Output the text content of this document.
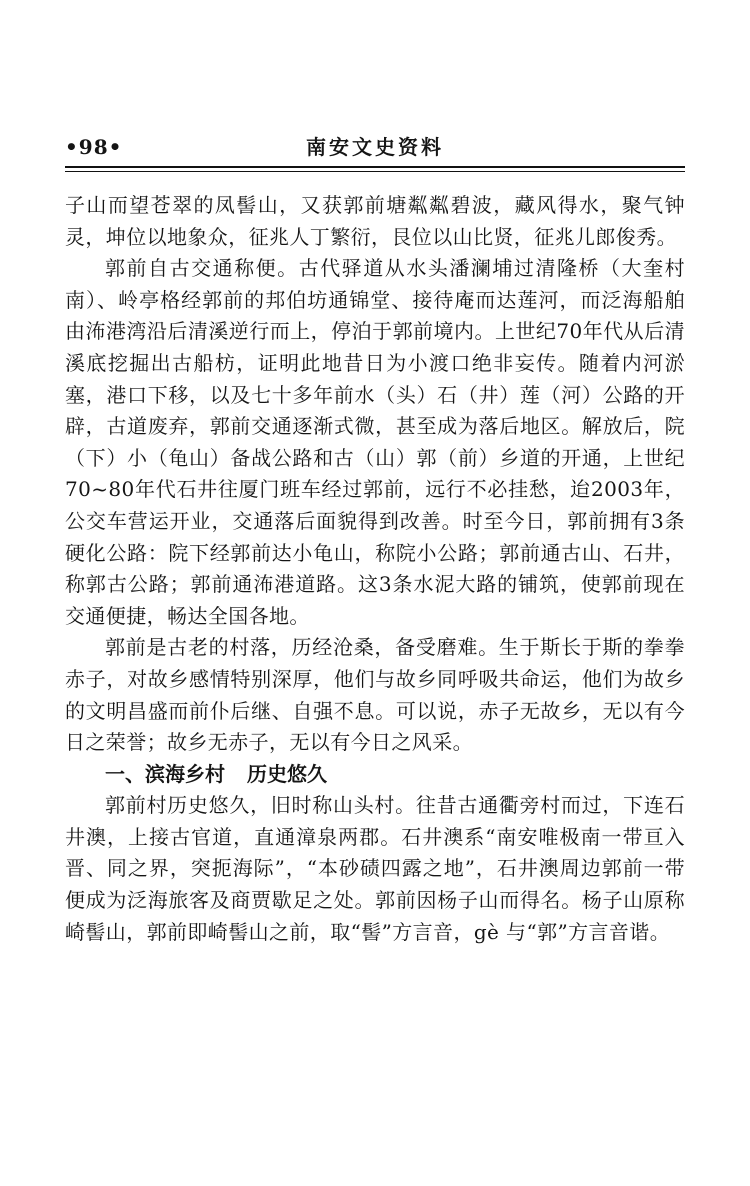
•98•	南安文史资料

子山而望苍翠的凤髻山，又获郭前塘粼粼碧波，藏风得水，聚气钟灵，坤位以地象众，征兆人丁繁衍，艮位以山比贤，征兆儿郎俊秀。

郭前自古交通称便。古代驿道从水头潘澜埔过清隆桥（大奎村南）、岭亭格经郭前的邦伯坊通锦堂、接待庵而达莲河，而泛海船舶由㳍港湾沿后清溪逆行而上，停泊于郭前境内。上世纪70年代从后清溪底挖掘出古船枋，证明此地昔日为小渡口绝非妄传。随着内河淤塞，港口下移，以及七十多年前水（头）石（井）莲（河）公路的开辟，古道废弃，郭前交通逐渐式微，甚至成为落后地区。解放后，院（下）小（龟山）备战公路和古（山）郭（前）乡道的开通，上世纪70~80年代石井往厦门班车经过郭前，远行不必挂愁，迨2003年，公交车营运开业，交通落后面貌得到改善。时至今日，郭前拥有3条硬化公路：院下经郭前达小龟山，称院小公路；郭前通古山、石井，称郭古公路；郭前通㳍港道路。这3条水泥大路的铺筑，使郭前现在交通便捷，畅达全国各地。

郭前是古老的村落，历经沧桑，备受磨难。生于斯长于斯的拳拳赤子，对故乡感情特别深厚，他们与故乡同呼吸共命运，他们为故乡的文明昌盛而前仆后继、自强不息。可以说，赤子无故乡，无以有今日之荣誉；故乡无赤子，无以有今日之风采。

一、滨海乡村 历史悠久

郭前村历史悠久，旧时称山头村。往昔古通衢旁村而过，下连石井澳，上接古官道，直通漳泉两郡。石井澳系“南安唯极南一带亘入晋、同之界，突扼海际”，“本砂碛四露之地”，石井澳周边郭前一带便成为泛海旅客及商贾歇足之处。郭前因杨子山而得名。杨子山原称崎髻山，郭前即崎髻山之前，取“髻”方言音，gè 与“郭”方言音谐。
